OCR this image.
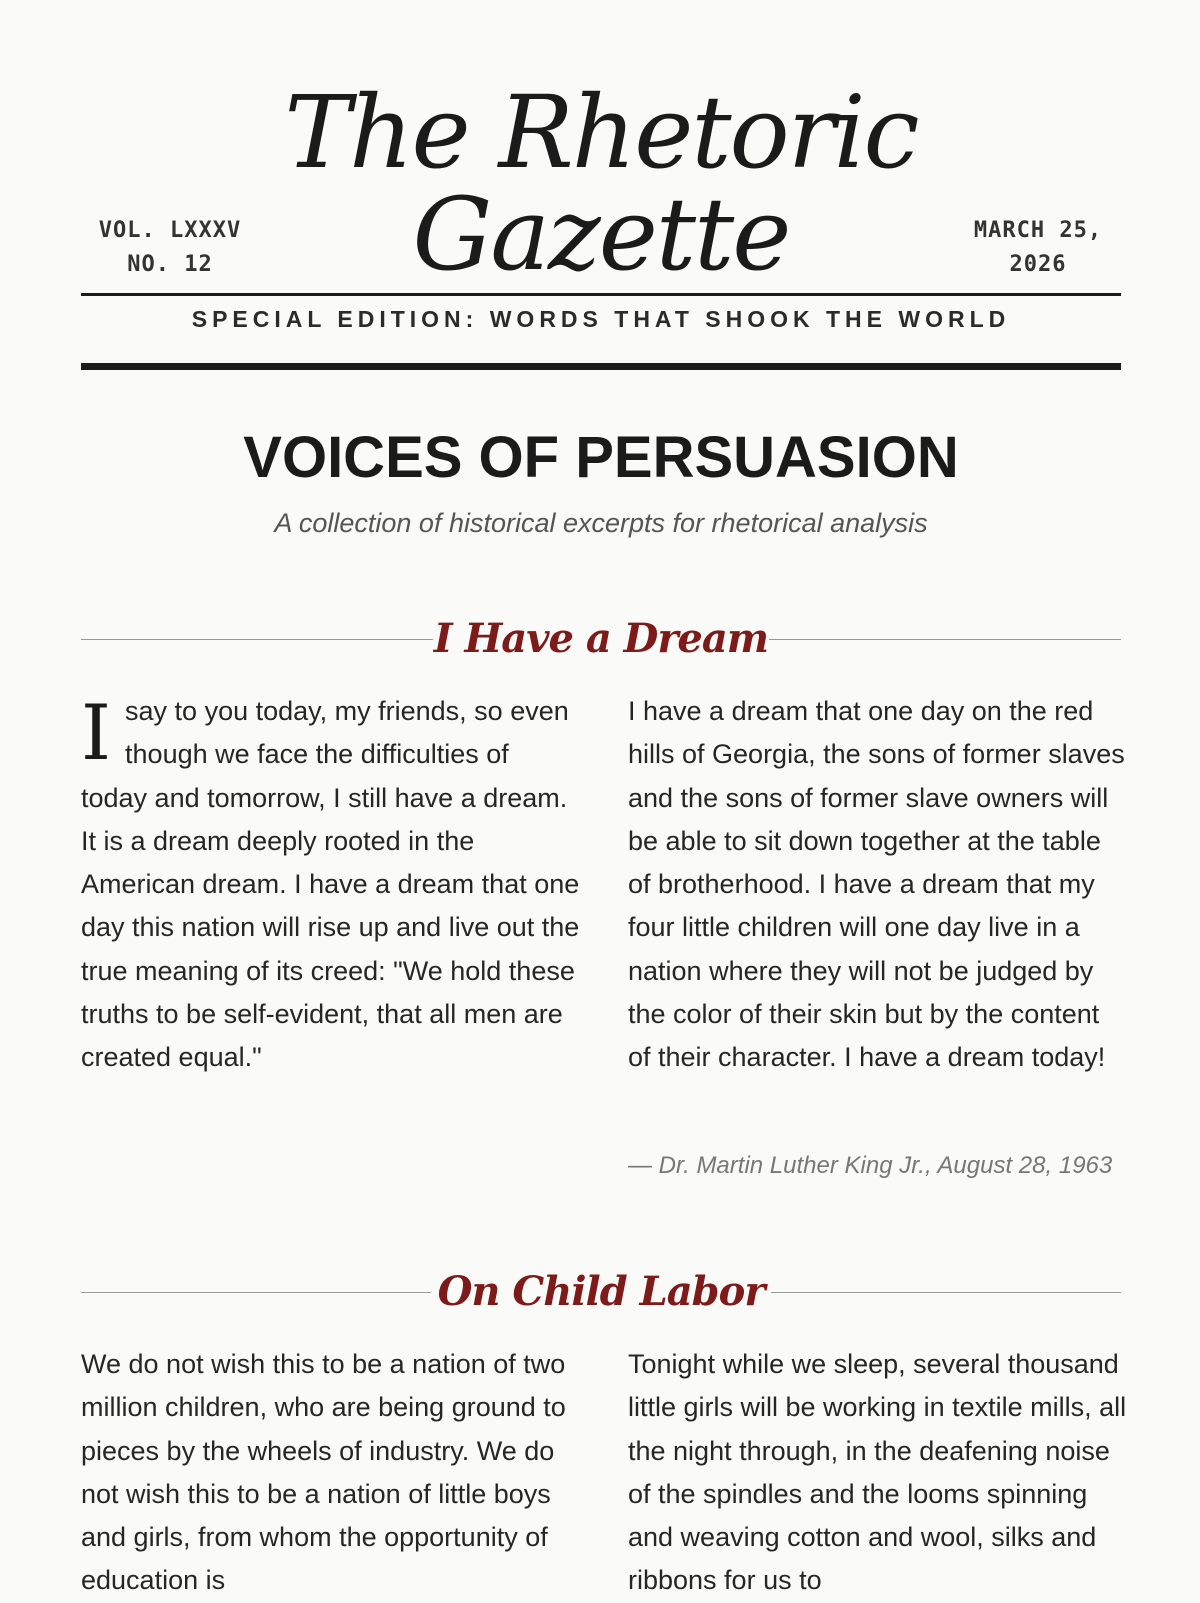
The Rhetoric
Gazette
VOL. LXXXV
NO. 12
MARCH 25,
2026
SPECIAL EDITION: WORDS THAT SHOOK THE WORLD
VOICES OF PERSUASION
A collection of historical excerpts for rhetorical analysis
I Have a Dream
Isay to you today, my friends, so even though we face the difficulties of today and tomorrow, I still have a dream. It is a dream deeply rooted in the American dream. I have a dream that one day this nation will rise up and live out the true meaning of its creed: "We hold these truths to be self-evident, that all men are created equal."
I have a dream that one day on the red hills of Georgia, the sons of former slaves and the sons of former slave owners will be able to sit down together at the table of brotherhood. I have a dream that my four little children will one day live in a nation where they will not be judged by the color of their skin but by the content of their character. I have a dream today!
— Dr. Martin Luther King Jr., August 28, 1963
On Child Labor
We do not wish this to be a nation of two million children, who are being ground to pieces by the wheels of industry. We do not wish this to be a nation of little boys and girls, from whom the opportunity of education is
Tonight while we sleep, several thousand little girls will be working in textile mills, all the night through, in the deafening noise of the spindles and the looms spinning and weaving cotton and wool, silks and ribbons for us to
